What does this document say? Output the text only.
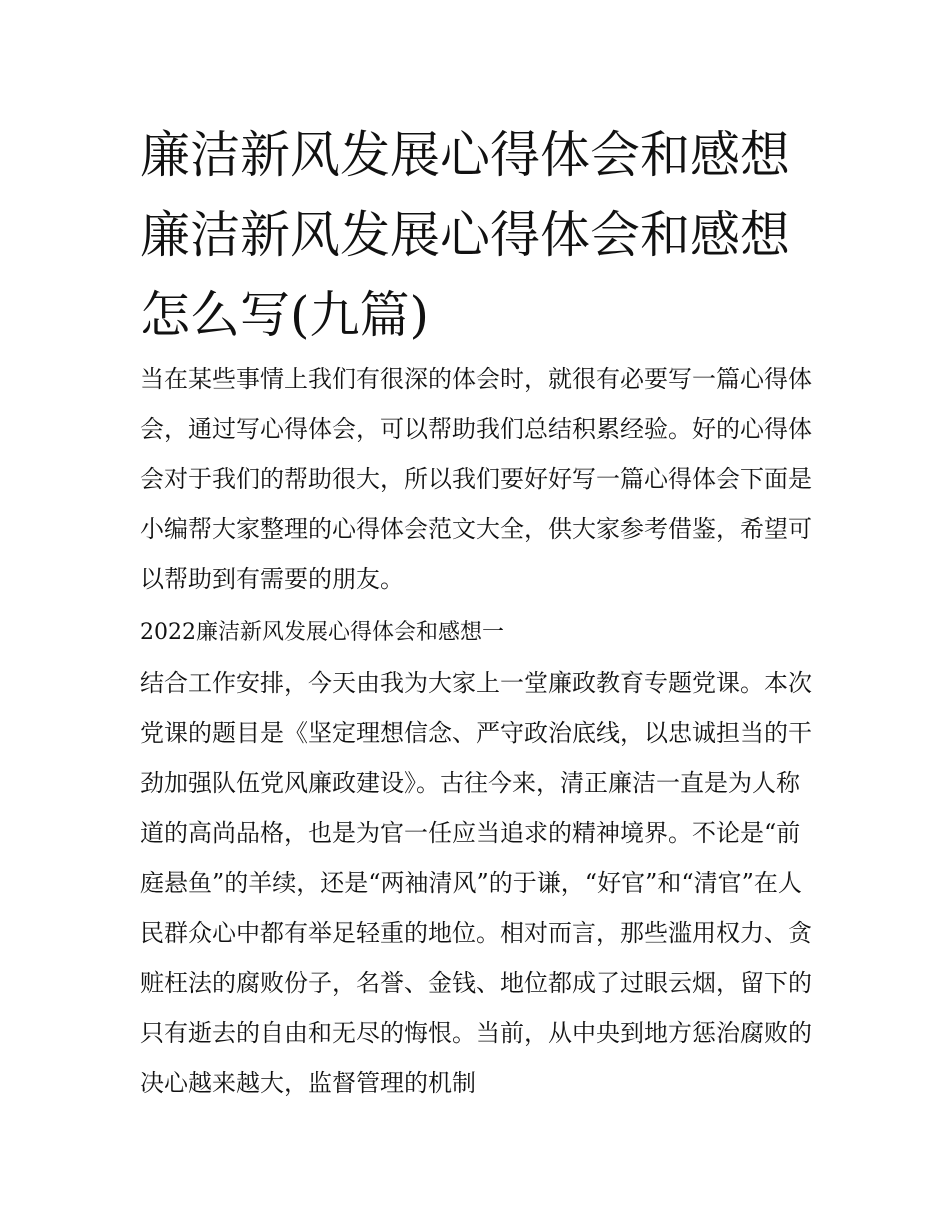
廉洁新风发展心得体会和感想廉洁新风发展心得体会和感想怎么写(九篇)

当在某些事情上我们有很深的体会时，就很有必要写一篇心得体会，通过写心得体会，可以帮助我们总结积累经验。好的心得体会对于我们的帮助很大，所以我们要好好写一篇心得体会下面是小编帮大家整理的心得体会范文大全，供大家参考借鉴，希望可以帮助到有需要的朋友。

2022廉洁新风发展心得体会和感想一

结合工作安排，今天由我为大家上一堂廉政教育专题党课。本次党课的题目是《坚定理想信念、严守政治底线，以忠诚担当的干劲加强队伍党风廉政建设》。古往今来，清正廉洁一直是为人称道的高尚品格，也是为官一任应当追求的精神境界。不论是“前庭悬鱼”的羊续，还是“两袖清风”的于谦，“好官”和“清官”在人民群众心中都有举足轻重的地位。相对而言，那些滥用权力、贪赃枉法的腐败份子，名誉、金钱、地位都成了过眼云烟，留下的只有逝去的自由和无尽的悔恨。当前，从中央到地方惩治腐败的决心越来越大，监督管理的机制
